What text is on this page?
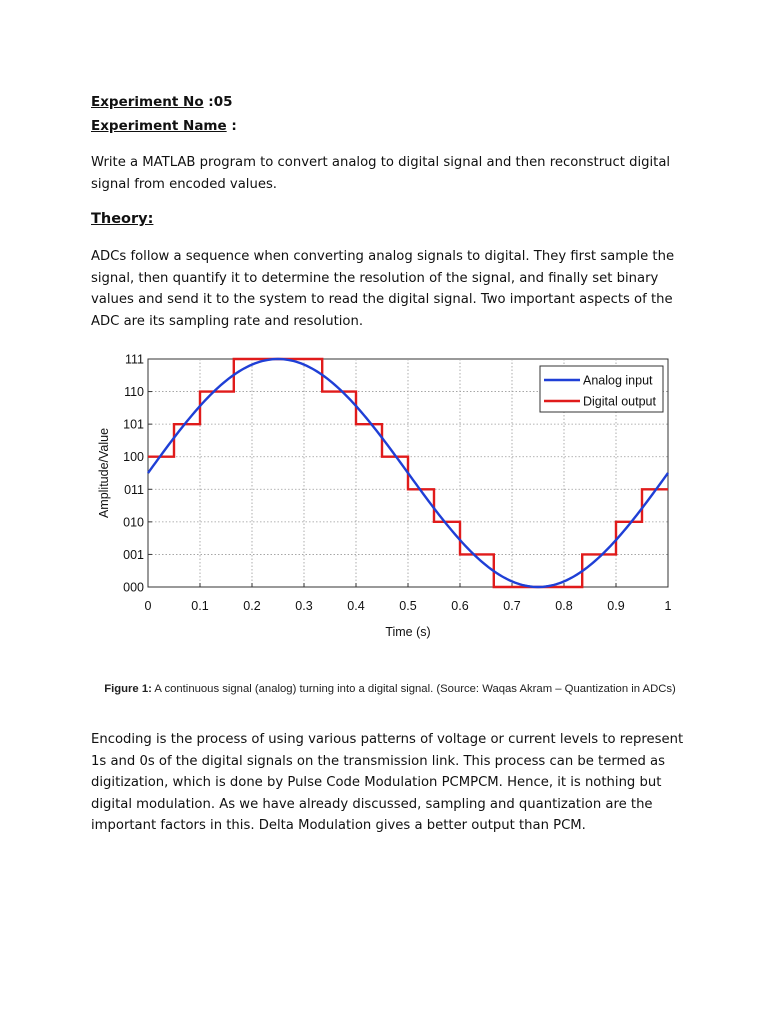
Experiment No :05
Experiment Name :

Write a MATLAB program to convert analog to digital signal and then reconstruct digital signal from encoded values.

Theory:

ADCs follow a sequence when converting analog signals to digital. They first sample the signal, then quantify it to determine the resolution of the signal, and finally set binary values and send it to the system to read the digital signal. Two important aspects of the ADC are its sampling rate and resolution.

0	0.1	0.2	0.3	0.4	0.5	0.6	0.7	0.8	0.9	1
000
001
010
011
100
101
110
111
Time (s)
Amplitude/Value
Analog input
Digital output
Figure 1: A continuous signal (analog) turning into a digital signal. (Source: Waqas Akram – Quantization in ADCs)

Encoding is the process of using various patterns of voltage or current levels to represent 1s and 0s of the digital signals on the transmission link. This process can be termed as digitization, which is done by Pulse Code Modulation PCMPCM. Hence, it is nothing but digital modulation. As we have already discussed, sampling and quantization are the important factors in this. Delta Modulation gives a better output than PCM.
